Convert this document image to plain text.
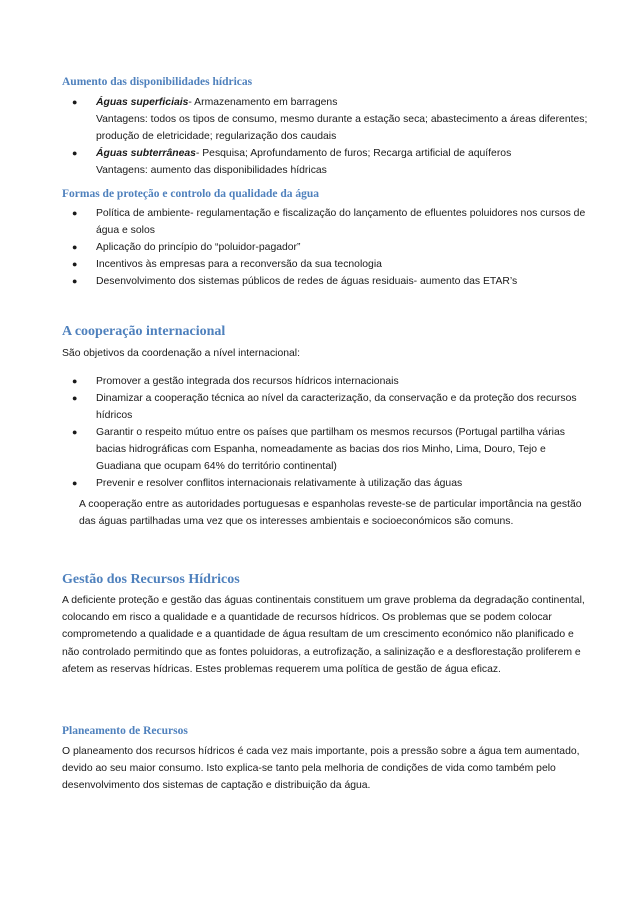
Aumento das disponibilidades hídricas
● Águas superficiais- Armazenamento em barragens
Vantagens: todos os tipos de consumo, mesmo durante a estação seca; abastecimento a áreas diferentes; produção de eletricidade; regularização dos caudais
● Águas subterrâneas- Pesquisa; Aprofundamento de furos; Recarga artificial de aquíferos
Vantagens: aumento das disponibilidades hídricas
Formas de proteção e controlo da qualidade da água
● Política de ambiente- regulamentação e fiscalização do lançamento de efluentes poluidores nos cursos de água e solos
● Aplicação do princípio do “poluidor-pagador”
● Incentivos às empresas para a reconversão da sua tecnologia
● Desenvolvimento dos sistemas públicos de redes de águas residuais- aumento das ETAR’s
A cooperação internacional

São objetivos da coordenação a nível internacional:

● Promover a gestão integrada dos recursos hídricos internacionais
● Dinamizar a cooperação técnica ao nível da caracterização, da conservação e da proteção dos recursos hídricos
● Garantir o respeito mútuo entre os países que partilham os mesmos recursos (Portugal partilha várias bacias hidrográficas com Espanha, nomeadamente as bacias dos rios Minho, Lima, Douro, Tejo e Guadiana que ocupam 64% do território continental)
● Prevenir e resolver conflitos internacionais relativamente à utilização das águas

A cooperação entre as autoridades portuguesas e espanholas reveste-se de particular importância na gestão das águas partilhadas uma vez que os interesses ambientais e socioeconómicos são comuns.

Gestão dos Recursos Hídricos

A deficiente proteção e gestão das águas continentais constituem um grave problema da degradação continental, colocando em risco a qualidade e a quantidade de recursos hídricos. Os problemas que se podem colocar comprometendo a qualidade e a quantidade de água resultam de um crescimento económico não planificado e não controlado permitindo que as fontes poluidoras, a eutrofização, a salinização e a desflorestação proliferem e afetem as reservas hídricas. Estes problemas requerem uma política de gestão de água eficaz.

Planeamento de Recursos

O planeamento dos recursos hídricos é cada vez mais importante, pois a pressão sobre a água tem aumentado, devido ao seu maior consumo. Isto explica-se tanto pela melhoria de condições de vida como também pelo desenvolvimento dos sistemas de captação e distribuição da água.
